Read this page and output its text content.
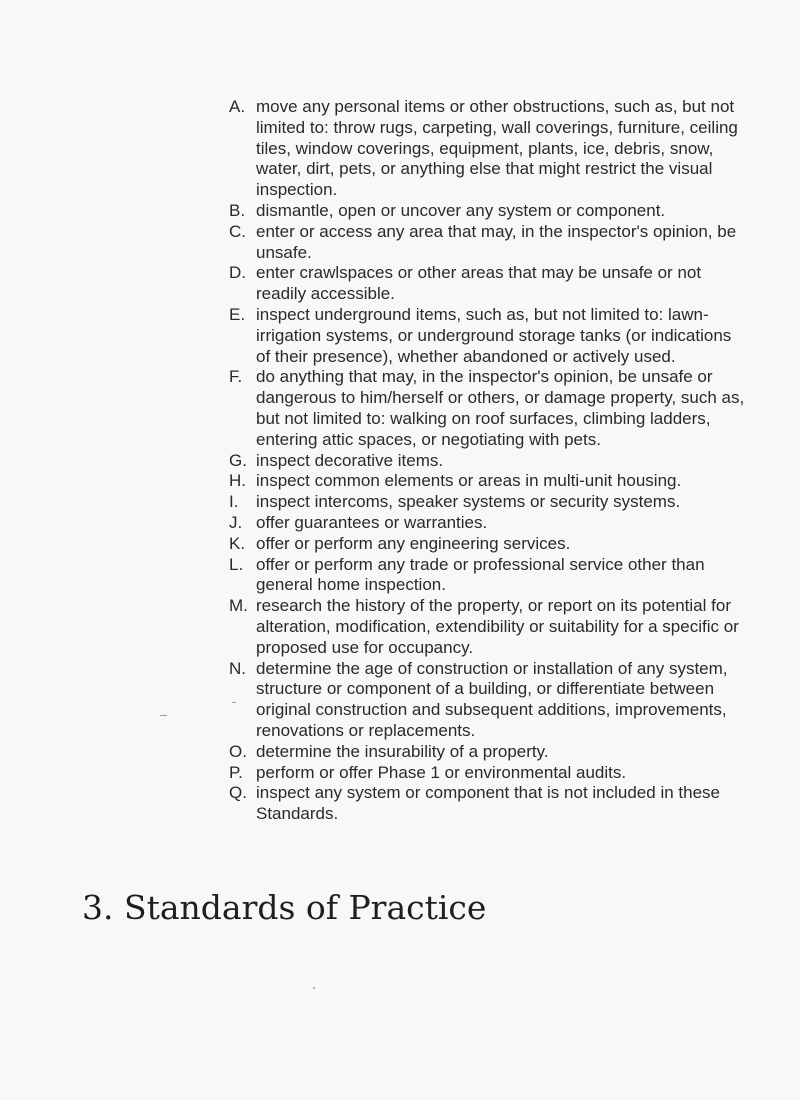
A. move any personal items or other obstructions, such as, but not limited to: throw rugs, carpeting, wall coverings, furniture, ceiling tiles, window coverings, equipment, plants, ice, debris, snow, water, dirt, pets, or anything else that might restrict the visual inspection.
B. dismantle, open or uncover any system or component.
C. enter or access any area that may, in the inspector's opinion, be unsafe.
D. enter crawlspaces or other areas that may be unsafe or not readily accessible.
E. inspect underground items, such as, but not limited to: lawn-irrigation systems, or underground storage tanks (or indications of their presence), whether abandoned or actively used.
F. do anything that may, in the inspector's opinion, be unsafe or dangerous to him/herself or others, or damage property, such as, but not limited to: walking on roof surfaces, climbing ladders, entering attic spaces, or negotiating with pets.
G. inspect decorative items.
H. inspect common elements or areas in multi-unit housing.
I.	inspect intercoms, speaker systems or security systems.
J. offer guarantees or warranties.
K. offer or perform any engineering services.
L. offer or perform any trade or professional service other than general home inspection.
M. research the history of the property, or report on its potential for alteration, modification, extendibility or suitability for a specific or proposed use for occupancy.
N. determine the age of construction or installation of any system, structure or component of a building, or differentiate between original construction and subsequent additions, improvements, renovations or replacements.
O. determine the insurability of a property.
P. perform or offer Phase 1 or environmental audits.
Q. inspect any system or component that is not included in these Standards.
3. Standards of Practice
